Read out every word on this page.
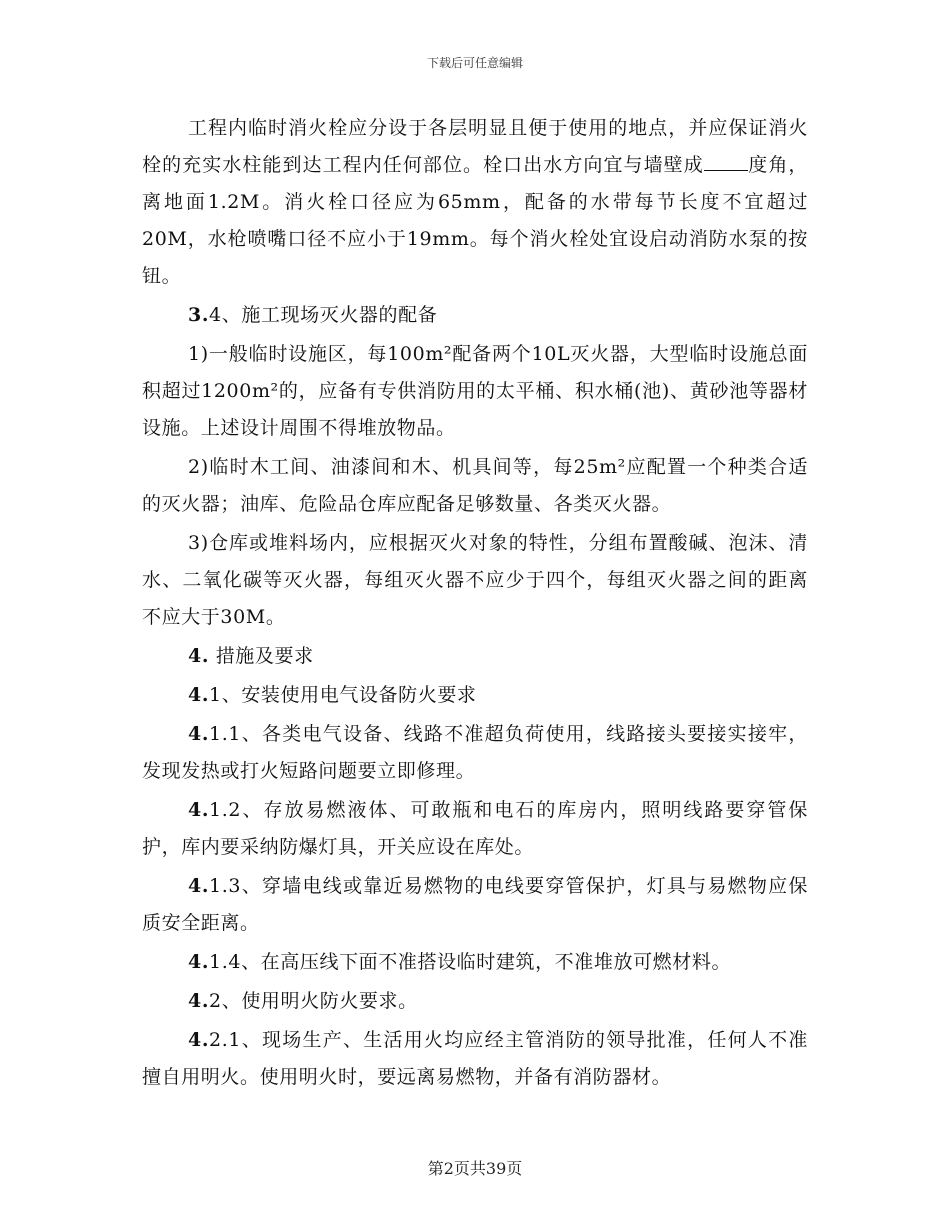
下载后可任意编辑

工程内临时消火栓应分设于各层明显且便于使用的地点，并应保证消火栓的充实水柱能到达工程内任何部位。栓口出水方向宜与墙壁成 度角，离地面1.2M。消火栓口径应为65mm，配备的水带每节长度不宜超过20M，水枪喷嘴口径不应小于19mm。每个消火栓处宜设启动消防水泵的按钮。

3.4、施工现场灭火器的配备

1)一般临时设施区，每100m²配备两个10L灭火器，大型临时设施总面积超过1200m²的，应备有专供消防用的太平桶、积水桶(池)、黄砂池等器材设施。上述设计周围不得堆放物品。

2)临时木工间、油漆间和木、机具间等，每25m²应配置一个种类合适的灭火器；油库、危险品仓库应配备足够数量、各类灭火器。

3)仓库或堆料场内，应根据灭火对象的特性，分组布置酸碱、泡沫、清水、二氧化碳等灭火器，每组灭火器不应少于四个，每组灭火器之间的距离不应大于30M。

4. 措施及要求

4.1、安装使用电气设备防火要求

4.1.1、各类电气设备、线路不准超负荷使用，线路接头要接实接牢，发现发热或打火短路问题要立即修理。

4.1.2、存放易燃液体、可敢瓶和电石的库房内，照明线路要穿管保护，库内要采纳防爆灯具，开关应设在库处。

4.1.3、穿墙电线或靠近易燃物的电线要穿管保护，灯具与易燃物应保质安全距离。

4.1.4、在高压线下面不准搭设临时建筑，不准堆放可燃材料。

4.2、使用明火防火要求。

4.2.1、现场生产、生活用火均应经主管消防的领导批准，任何人不准擅自用明火。使用明火时，要远离易燃物，并备有消防器材。

第2页共39页
